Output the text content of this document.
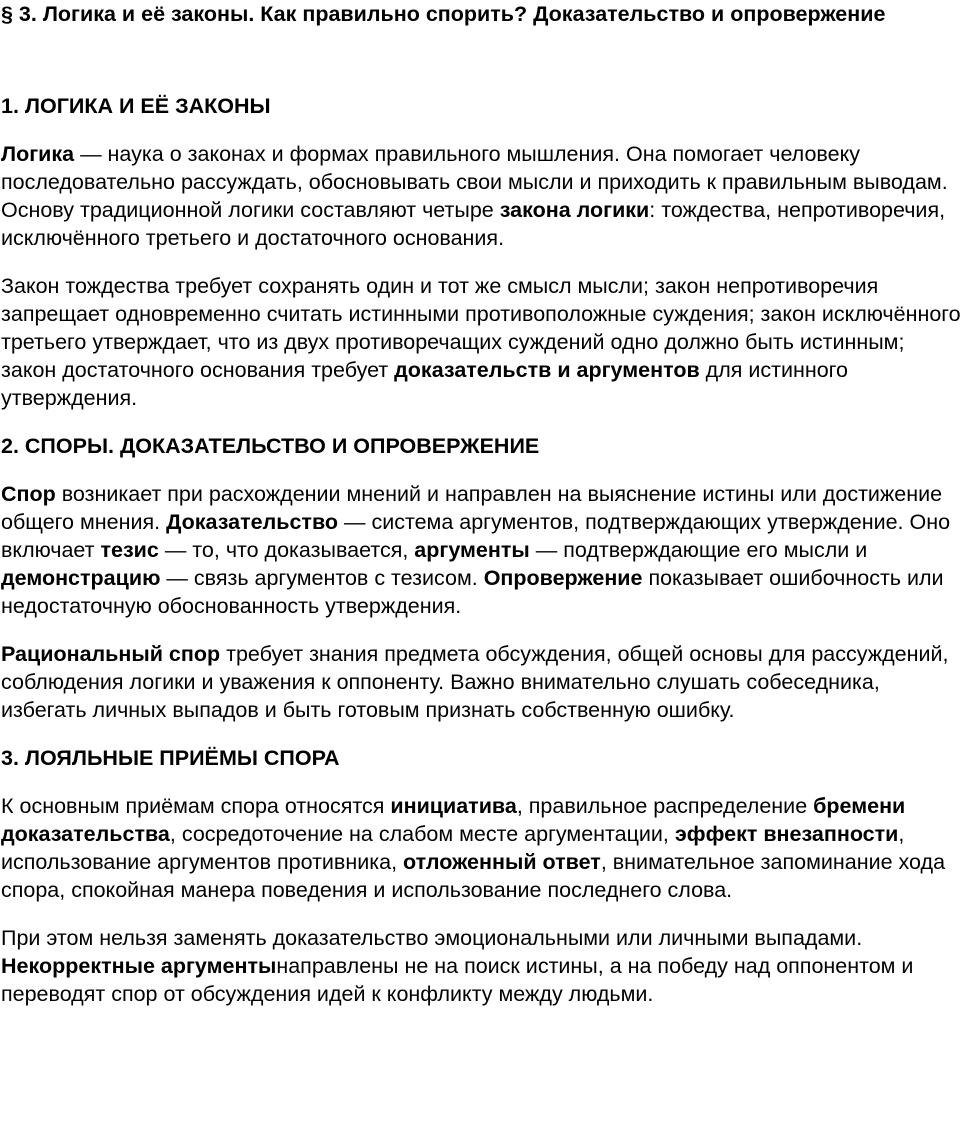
§ 3. Логика и её законы. Как правильно спорить? Доказательство и опровержение
1. ЛОГИКА И ЕЁ ЗАКОНЫ

Логика — наука о законах и формах правильного мышления. Она помогает человеку последовательно рассуждать, обосновывать свои мысли и приходить к правильным выводам. Основу традиционной логики составляют четыре закона логики: тождества, непротиворечия, исключённого третьего и достаточного основания.

Закон тождества требует сохранять один и тот же смысл мысли; закон непротиворечия запрещает одновременно считать истинными противоположные суждения; закон исключённого третьего утверждает, что из двух противоречащих суждений одно должно быть истинным; закон достаточного основания требует доказательств и аргументов для истинного утверждения.

2. СПОРЫ. ДОКАЗАТЕЛЬСТВО И ОПРОВЕРЖЕНИЕ

Спор возникает при расхождении мнений и направлен на выяснение истины или достижение общего мнения. Доказательство — система аргументов, подтверждающих утверждение. Оно включает тезис — то, что доказывается, аргументы — подтверждающие его мысли и демонстрацию — связь аргументов с тезисом. Опровержение показывает ошибочность или недостаточную обоснованность утверждения.

Рациональный спор требует знания предмета обсуждения, общей основы для рассуждений, соблюдения логики и уважения к оппоненту. Важно внимательно слушать собеседника, избегать личных выпадов и быть готовым признать собственную ошибку.

3. ЛОЯЛЬНЫЕ ПРИЁМЫ СПОРА

К основным приёмам спора относятся инициатива, правильное распределение бремени доказательства, сосредоточение на слабом месте аргументации, эффект внезапности, использование аргументов противника, отложенный ответ, внимательное запоминание хода спора, спокойная манера поведения и использование последнего слова.

При этом нельзя заменять доказательство эмоциональными или личными выпадами. Некорректные аргументынаправлены не на поиск истины, а на победу над оппонентом и переводят спор от обсуждения идей к конфликту между людьми.
